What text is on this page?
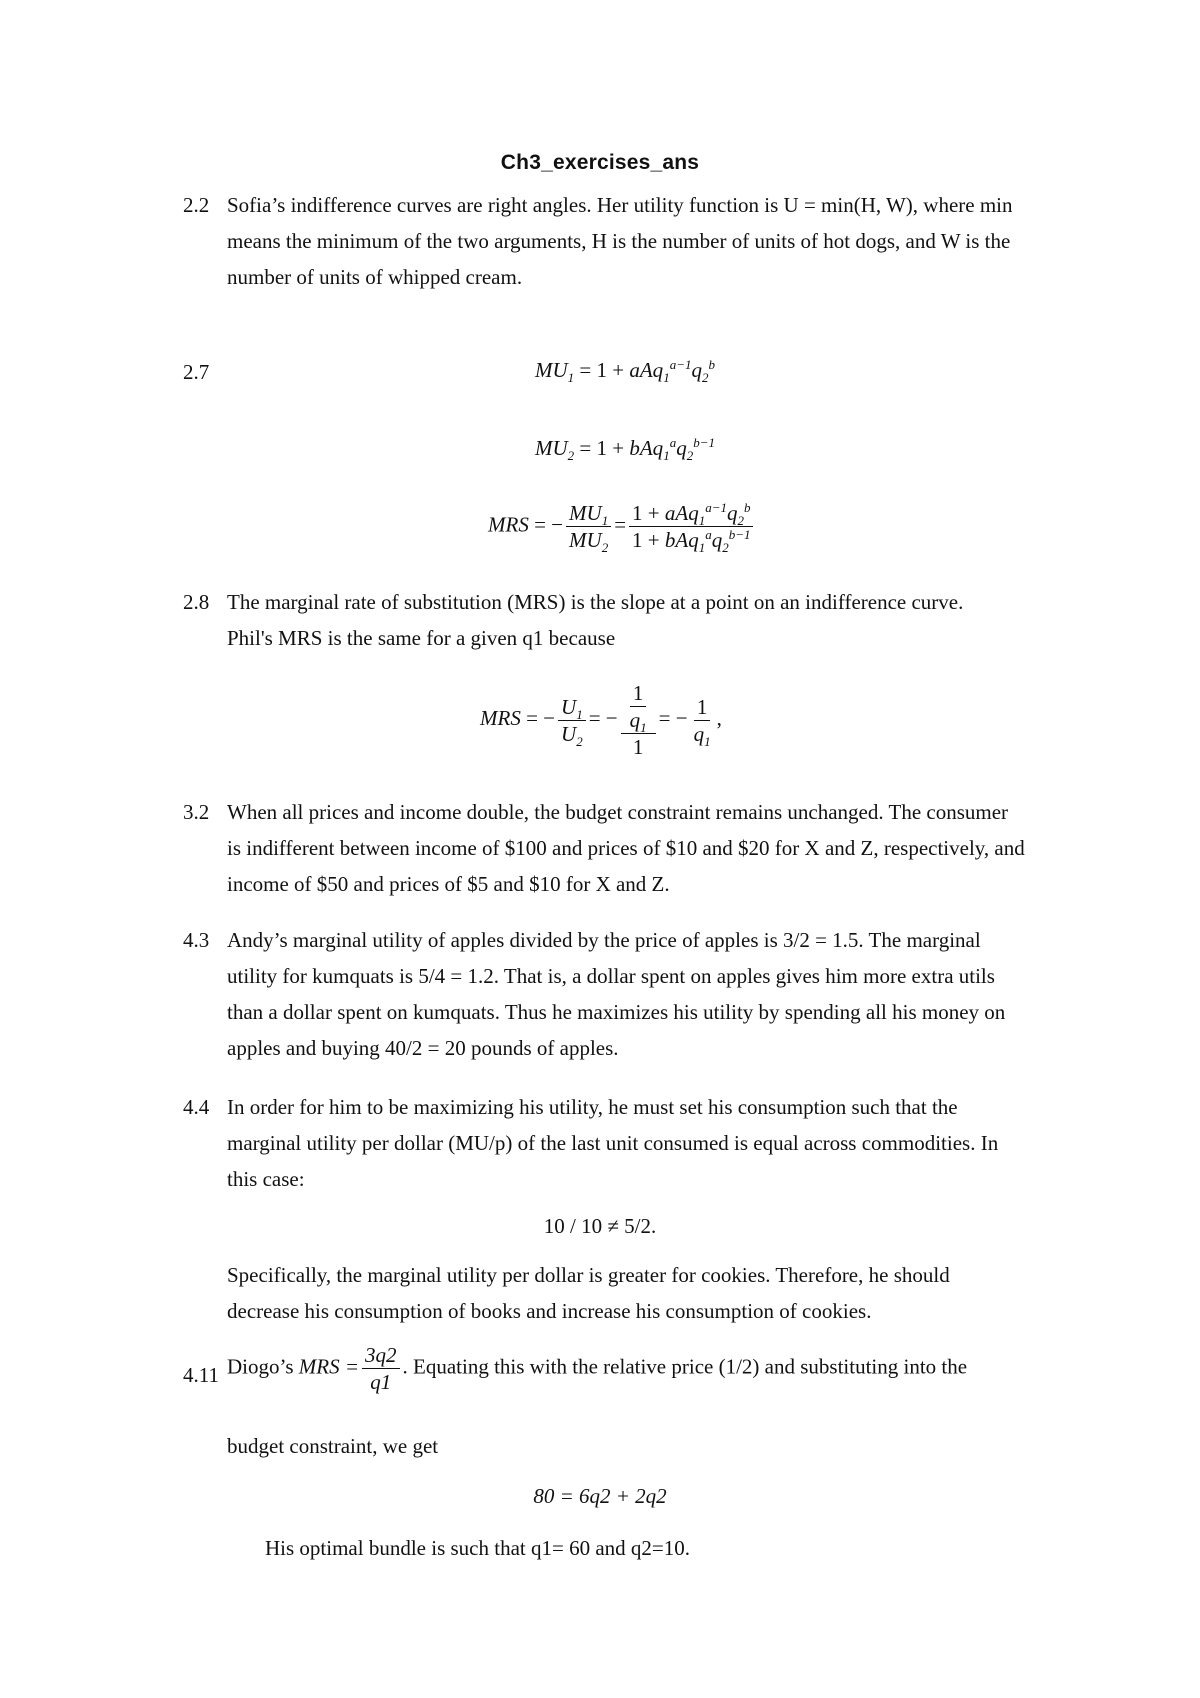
Ch3_exercises_ans
2.2 Sofia’s indifference curves are right angles. Her utility function is U = min(H, W), where min means the minimum of the two arguments, H is the number of units of hot dogs, and W is the number of units of whipped cream.
2.7	$MU_1 = 1 + aAq_1^{a-1}q_2^b$
$MU_2 = 1 + bAq_1^aq_2^{b-1}$
MRS = − $\frac{MU_1}{MU_2} = \frac{1 + aAq_1^{a-1}q_2^b}{1 + bAq_1^aq_2^{b-1}}$
2.8 The marginal rate of substitution (MRS) is the slope at a point on an indifference curve.

Phil's MRS is the same for a given q1 because

MRS = − $\frac{U_1}{U_2}$ = − $\frac{\frac{1}{q_1}}{1}$ = − $\frac{1}{q_1}$ ,
3.2 When all prices and income double, the budget constraint remains unchanged. The consumer is indifferent between income of $100 and prices of $10 and $20 for X and Z, respectively, and income of $50 and prices of $5 and $10 for X and Z.
4.3 Andy’s marginal utility of apples divided by the price of apples is 3/2 = 1.5. The marginal utility for kumquats is 5/4 = 1.2. That is, a dollar spent on apples gives him more extra utils than a dollar spent on kumquats. Thus he maximizes his utility by spending all his money on apples and buying 40/2 = 20 pounds of apples.
4.4 In order for him to be maximizing his utility, he must set his consumption such that the marginal utility per dollar (MU/p) of the last unit consumed is equal across commodities. In this case:
10 / 10 ≠ 5/2.
Specifically, the marginal utility per dollar is greater for cookies. Therefore, he should decrease his consumption of books and increase his consumption of cookies.
4.11 Diogo’s MRS = $\frac{3q2}{q1}$ . Equating this with the relative price (1/2) and substituting into the
budget constraint, we get
80 = 6q2 + 2q2
His optimal bundle is such that q1= 60 and q2=10.
